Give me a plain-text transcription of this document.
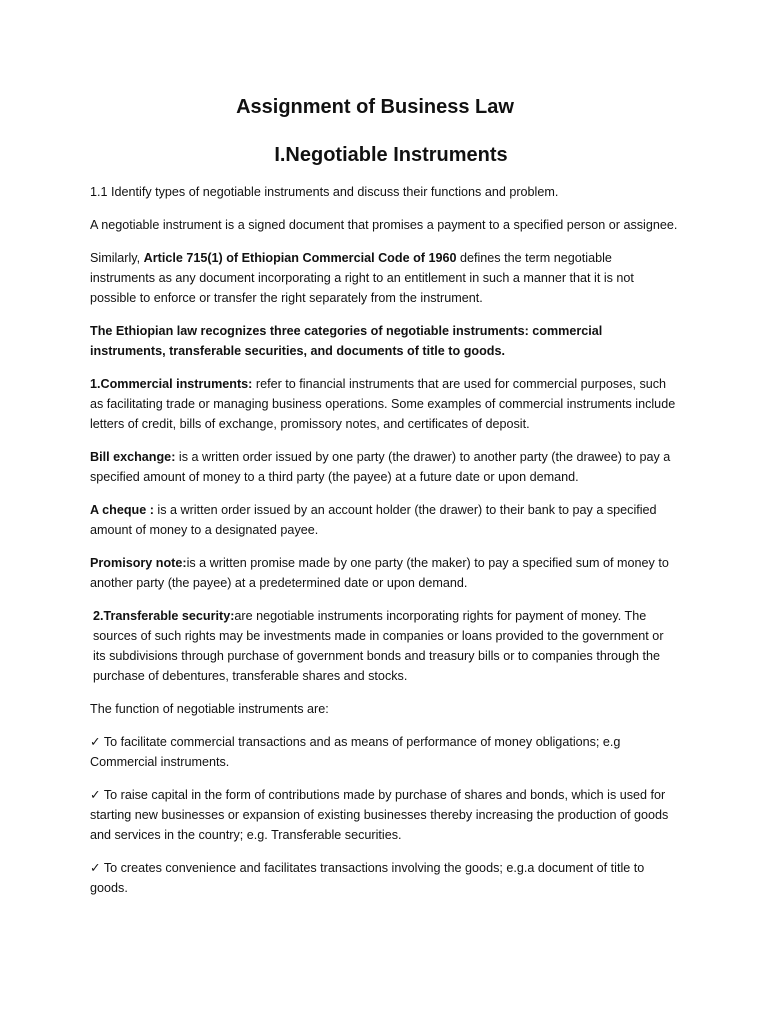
Assignment of Business Law
I.Negotiable Instruments

1.1 Identify types of negotiable instruments and discuss their functions and problem.

A negotiable instrument is a signed document that promises a payment to a specified person or assignee.

Similarly, Article 715(1) of Ethiopian Commercial Code of 1960 defines the term negotiable instruments as any document incorporating a right to an entitlement in such a manner that it is not possible to enforce or transfer the right separately from the instrument.

The Ethiopian law recognizes three categories of negotiable instruments: commercial instruments, transferable securities, and documents of title to goods.

1.Commercial instruments: refer to financial instruments that are used for commercial purposes, such as facilitating trade or managing business operations. Some examples of commercial instruments include letters of credit, bills of exchange, promissory notes, and certificates of deposit.

Bill exchange: is a written order issued by one party (the drawer) to another party (the drawee) to pay a specified amount of money to a third party (the payee) at a future date or upon demand.

A cheque : is a written order issued by an account holder (the drawer) to their bank to pay a specified amount of money to a designated payee.

Promisory note:is a written promise made by one party (the maker) to pay a specified sum of money to another party (the payee) at a predetermined date or upon demand.

2.Transferable security:are negotiable instruments incorporating rights for payment of money. The sources of such rights may be investments made in companies or loans provided to the government or its subdivisions through purchase of government bonds and treasury bills or to companies through the purchase of debentures, transferable shares and stocks.

The function of negotiable instruments are:

✓ To facilitate commercial transactions and as means of performance of money obligations; e.g Commercial instruments.

✓ To raise capital in the form of contributions made by purchase of shares and bonds, which is used for starting new businesses or expansion of existing businesses thereby increasing the production of goods and services in the country; e.g. Transferable securities.

✓ To creates convenience and facilitates transactions involving the goods; e.g.a document of title to goods.
